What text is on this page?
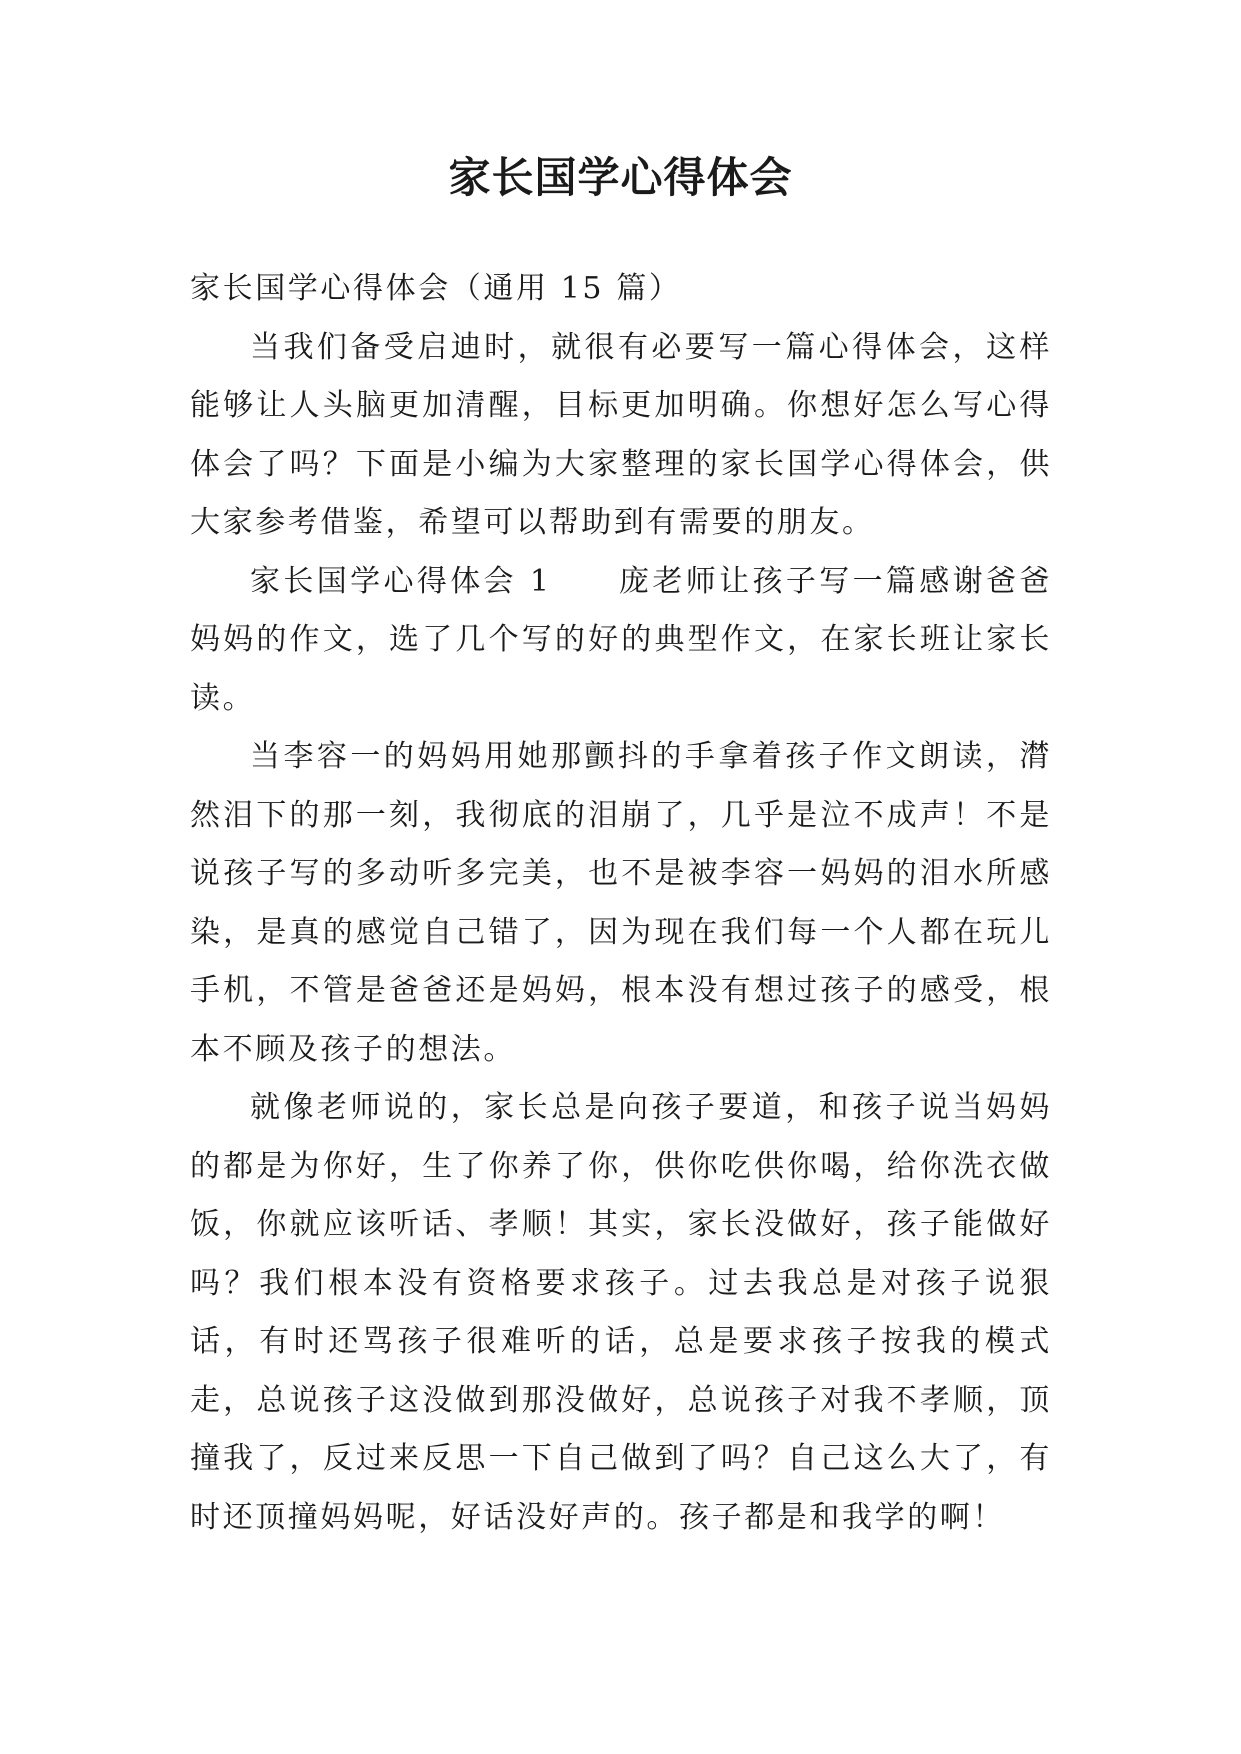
家长国学心得体会

家长国学心得体会（通用 15 篇）

当我们备受启迪时，就很有必要写一篇心得体会，这样能够让人头脑更加清醒，目标更加明确。你想好怎么写心得体会了吗？下面是小编为大家整理的家长国学心得体会，供大家参考借鉴，希望可以帮助到有需要的朋友。

家长国学心得体会 1　　庞老师让孩子写一篇感谢爸爸妈妈的作文，选了几个写的好的典型作文，在家长班让家长读。

当李容一的妈妈用她那颤抖的手拿着孩子作文朗读，潸然泪下的那一刻，我彻底的泪崩了，几乎是泣不成声！不是说孩子写的多动听多完美，也不是被李容一妈妈的泪水所感染，是真的感觉自己错了，因为现在我们每一个人都在玩儿手机，不管是爸爸还是妈妈，根本没有想过孩子的感受，根本不顾及孩子的想法。

就像老师说的，家长总是向孩子要道，和孩子说当妈妈的都是为你好，生了你养了你，供你吃供你喝，给你洗衣做饭，你就应该听话、孝顺！其实，家长没做好，孩子能做好吗？我们根本没有资格要求孩子。过去我总是对孩子说狠话，有时还骂孩子很难听的话，总是要求孩子按我的模式走，总说孩子这没做到那没做好，总说孩子对我不孝顺，顶撞我了，反过来反思一下自己做到了吗？自己这么大了，有时还顶撞妈妈呢，好话没好声的。孩子都是和我学的啊！
